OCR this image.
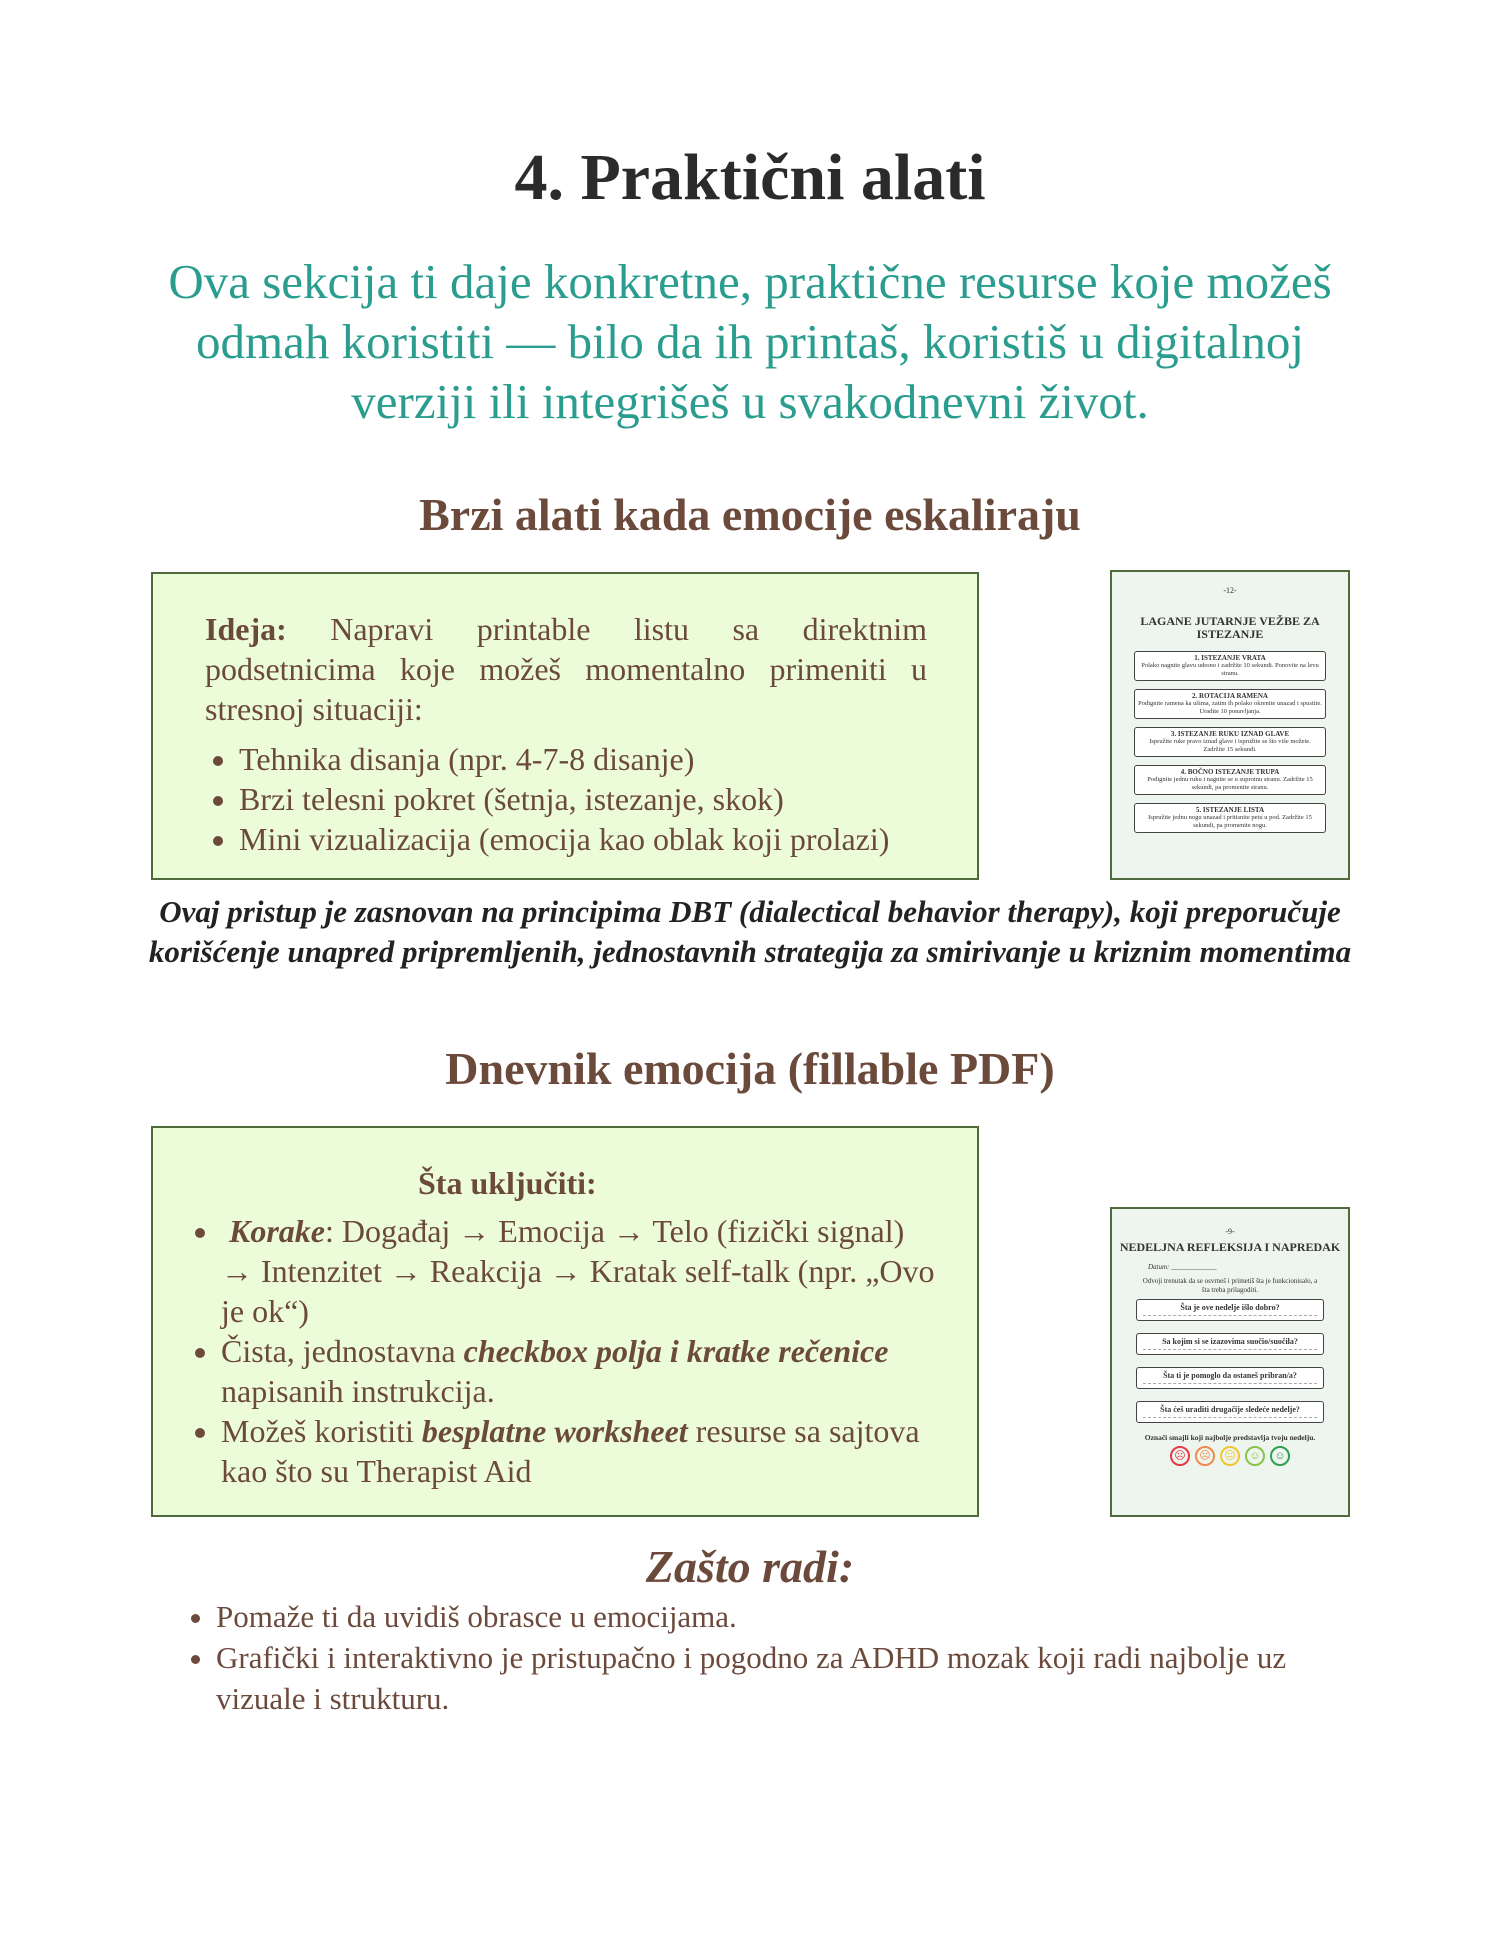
4. Praktični alati
Ova sekcija ti daje konkretne, praktične resurse koje možeš odmah koristiti — bilo da ih printaš, koristiš u digitalnoj verziji ili integrišeš u svakodnevni život.
Brzi alati kada emocije eskaliraju

Ideja: Napravi printable listu sa direktnim podsetnicima koje možeš momentalno primeniti u stresnoj situaciji:

• Tehnika disanja (npr. 4-7-8 disanje)
• Brzi telesni pokret (šetnja, istezanje, skok)
• Mini vizualizacija (emocija kao oblak koji prolazi)
-12-
LAGANE JUTARNJE VEŽBE ZA ISTEZANJE
1. ISTEZANJE VRATA
Polako nagnite glavu udesno i zadržite 10 sekundi. Ponovite na levu stranu.
2. ROTACIJA RAMENA
Podignite ramena ka ušima, zatim ih polako okrenite unazad i spustite. Uradite 10 ponavljanja.
3. ISTEZANJE RUKU IZNAD GLAVE
Ispružite ruke pravo iznad glave i ispružite se što više možete. Zadržite 15 sekundi.
4. BOČNO ISTEZANJE TRUPA
Podignite jednu ruku i nagnite se u suprotnu stranu. Zadržite 15 sekundi, pa promenite stranu.
5. ISTEZANJE LISTA
Ispružite jednu nogu unazad i pritisnite petu u pod. Zadržite 15 sekundi, pa promenite nogu.
Ovaj pristup je zasnovan na principima DBT (dialectical behavior therapy), koji preporučuje korišćenje unapred pripremljenih, jednostavnih strategija za smirivanje u kriznim momentima
Dnevnik emocija (fillable PDF)
Šta uključiti:
• Korake: Događaj → Emocija → Telo (fizički signal) → Intenzitet → Reakcija → Kratak self-talk (npr. „Ovo je ok“)
• Čista, jednostavna checkbox polja i kratke rečenice napisanih instrukcija.
• Možeš koristiti besplatne worksheet resurse sa sajtova kao što su Therapist Aid
-9-
NEDELJNA REFLEKSIJA I NAPREDAK
Datum: _____________
Odvoji trenutak da se osvrneš i primetiš šta je funkcionisalo, a šta treba prilagoditi.
Šta je ove nedelje išlo dobro?
Sa kojim si se izazovima suočio/suočila?
Šta ti je pomoglo da ostaneš pribran/a?
Šta ćeš uraditi drugačije sledeće nedelje?
Označi smajli koji najbolje predstavlja tvoju nedelju.
☹	☹	😐︎	☺	☺
Zašto radi:
• Pomaže ti da uvidiš obrasce u emocijama.
• Grafički i interaktivno je pristupačno i pogodno za ADHD mozak koji radi najbolje uz vizuale i strukturu.
